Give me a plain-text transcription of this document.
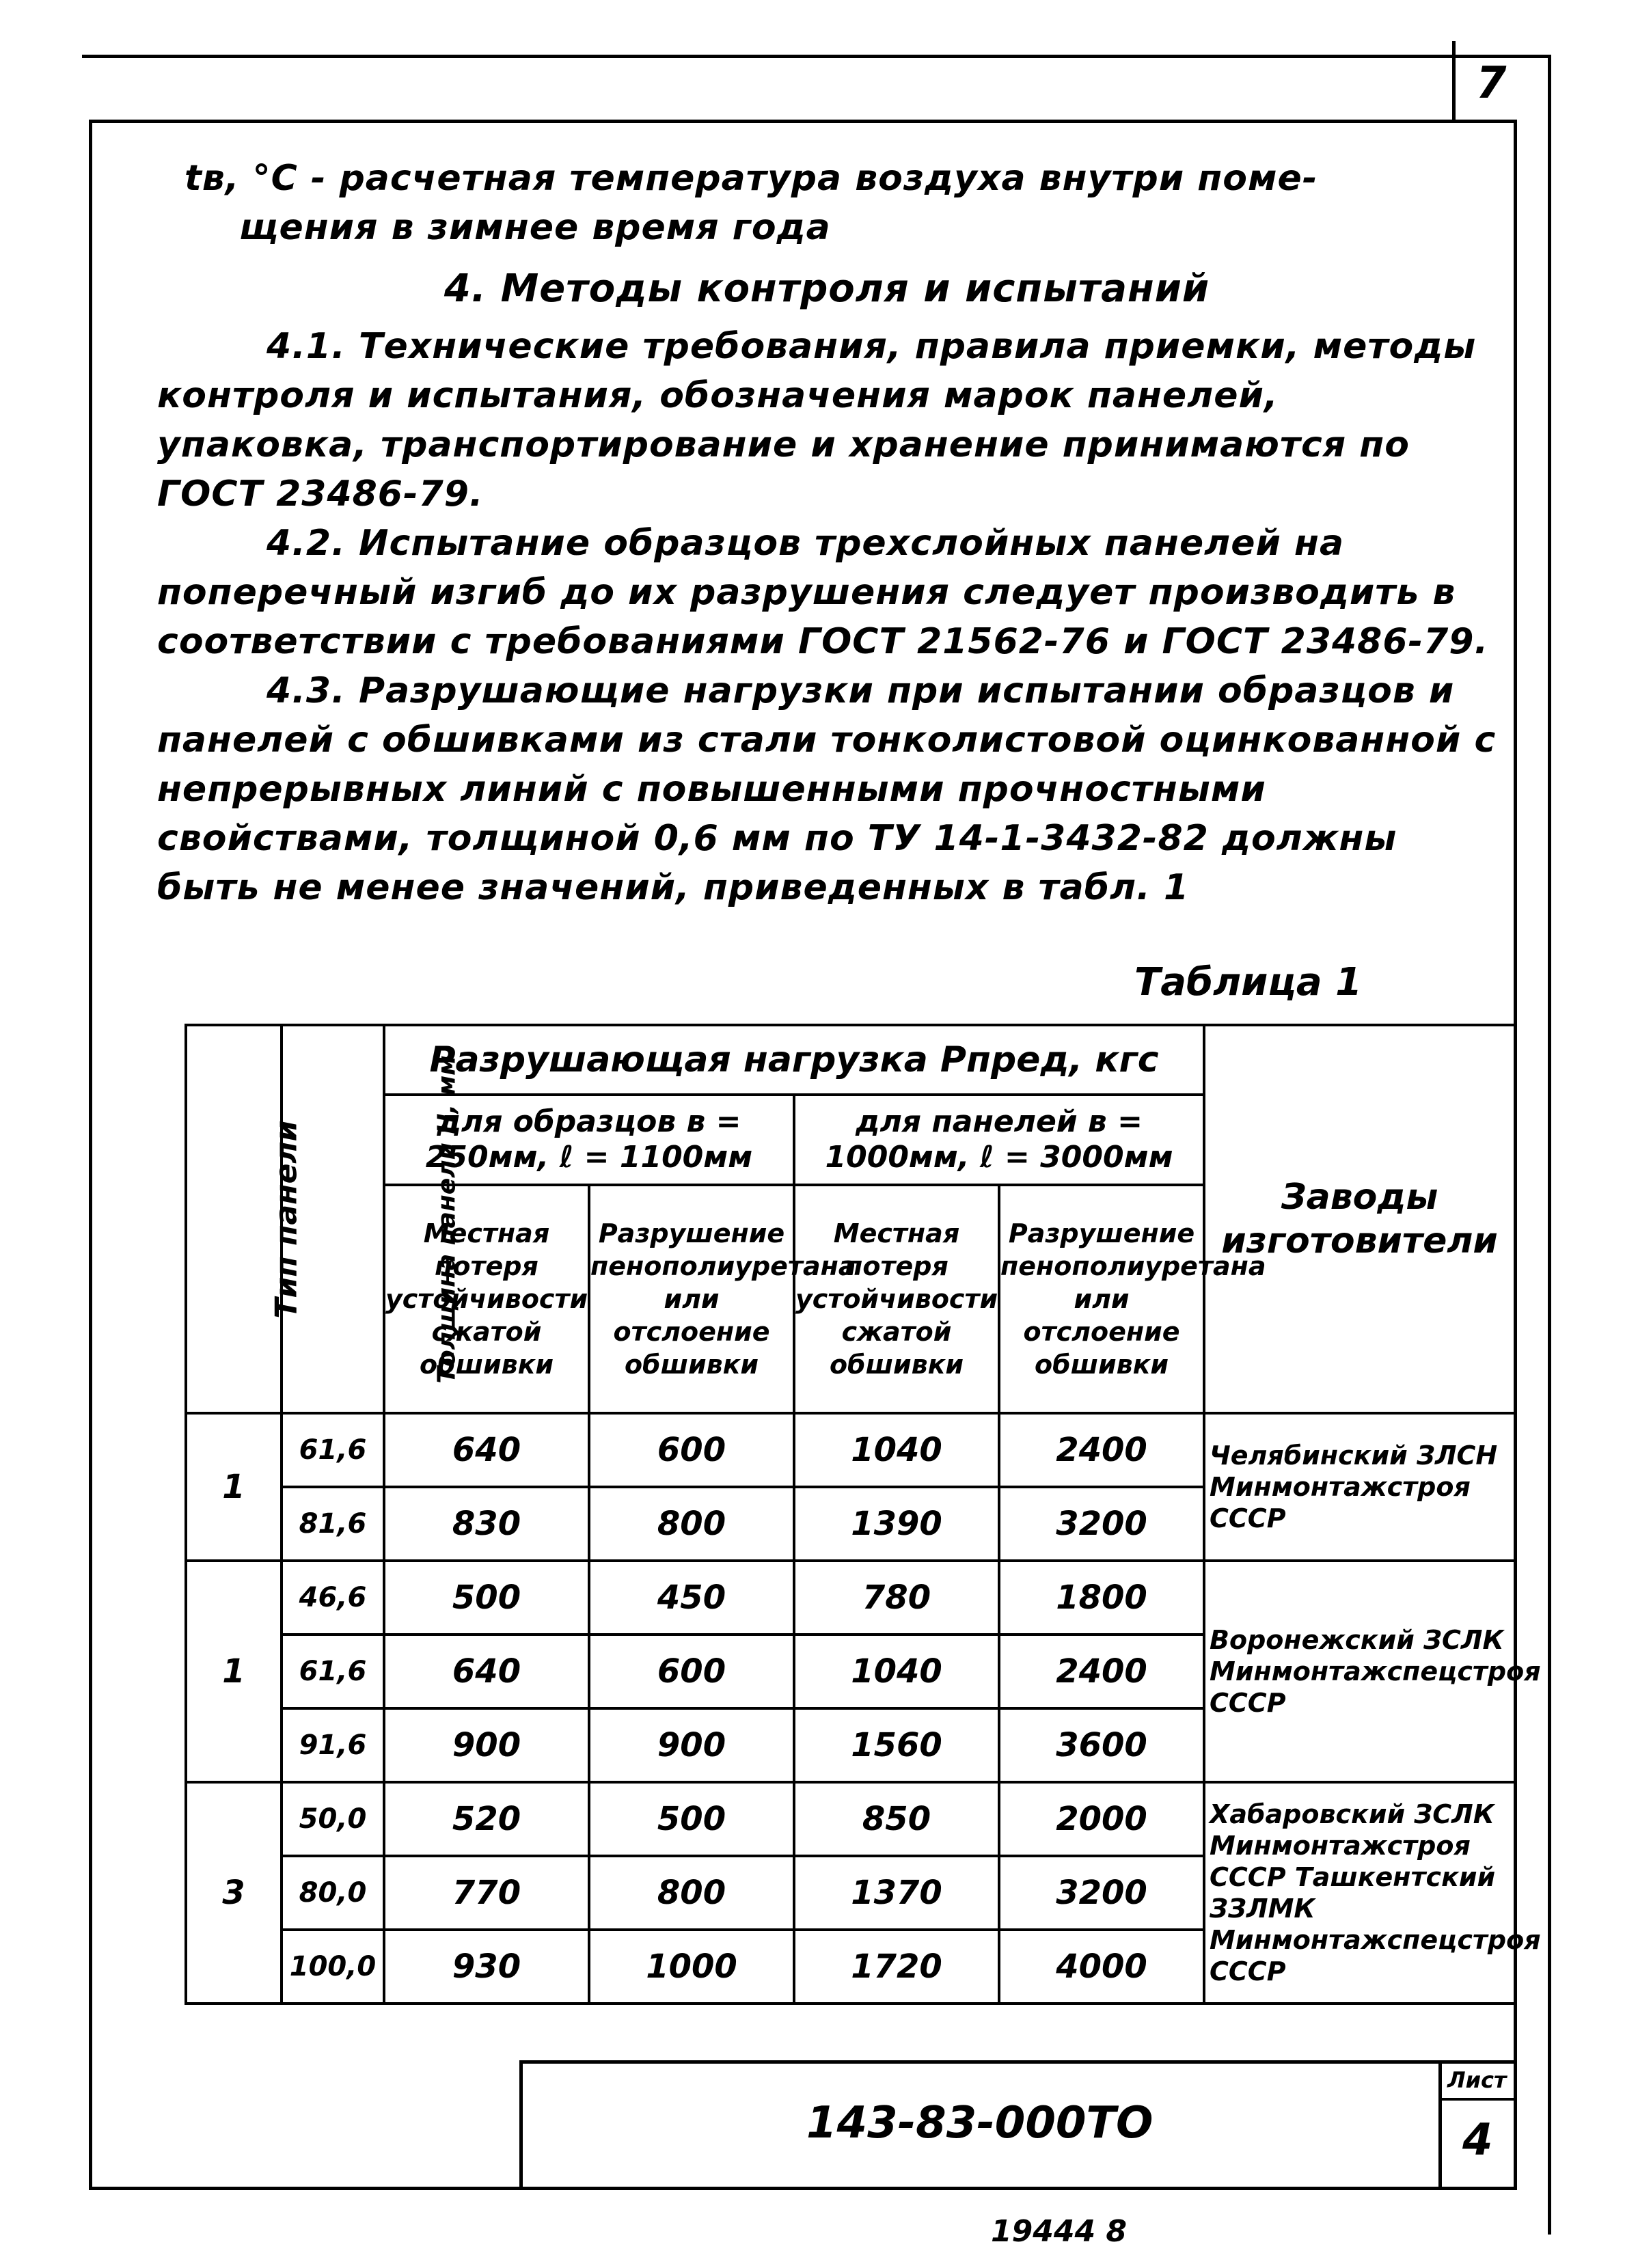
7

tв, °C - расчетная температура воздуха внутри поме-

щения в зимнее время года

4. Методы контроля и испытаний

4.1. Технические требования, правила приемки, методы контроля и испытания, обозначения марок панелей, упаковка, транспортирование и хранение принимаются по ГОСТ 23486-79.

4.2. Испытание образцов трехслойных панелей на поперечный изгиб до их разрушения следует производить в соответствии с требованиями ГОСТ 21562-76 и ГОСТ 23486-79.

4.3. Разрушающие нагрузки при испытании образцов и панелей с обшивками из стали тонколистовой оцинкованной с непрерывных линий с повышенными прочностными свойствами, толщиной 0,6 мм по ТУ 14-1-3432-82 должны быть не менее значений, приведенных в табл. 1

Таблица 1
Тип панели	Толщина панели Н, мм	Разрушающая нагрузка Pпред, кгс				Заводы изготовители
		для образцов в = 250мм, ℓ = 1100мм		для панелей в = 1000мм, ℓ = 3000мм		
		Местная потеря устойчивости сжатой обшивки	Разрушение пенополиуретана или отслоение обшивки	Местная потеря устойчивости сжатой обшивки	Разрушение пенополиуретана или отслоение обшивки	
1	61,6	640	600	1040	2400	Челябинский ЗЛСН Минмонтажстроя СССР
	81,6	830	800	1390	3200	
1	46,6	500	450	780	1800	Воронежский ЗСЛК Минмонтажспецстроя СССР
	61,6	640	600	1040	2400	
	91,6	900	900	1560	3600	
3	50,0	520	500	850	2000	Хабаровский ЗСЛК Минмонтажстроя СССР Ташкентский ЗЗЛМК Минмонтажспецстроя СССР
	80,0	770	800	1370	3200	
	100,0	930	1000	1720	4000	
143-83-000ТО
Лист
4
19444 8
